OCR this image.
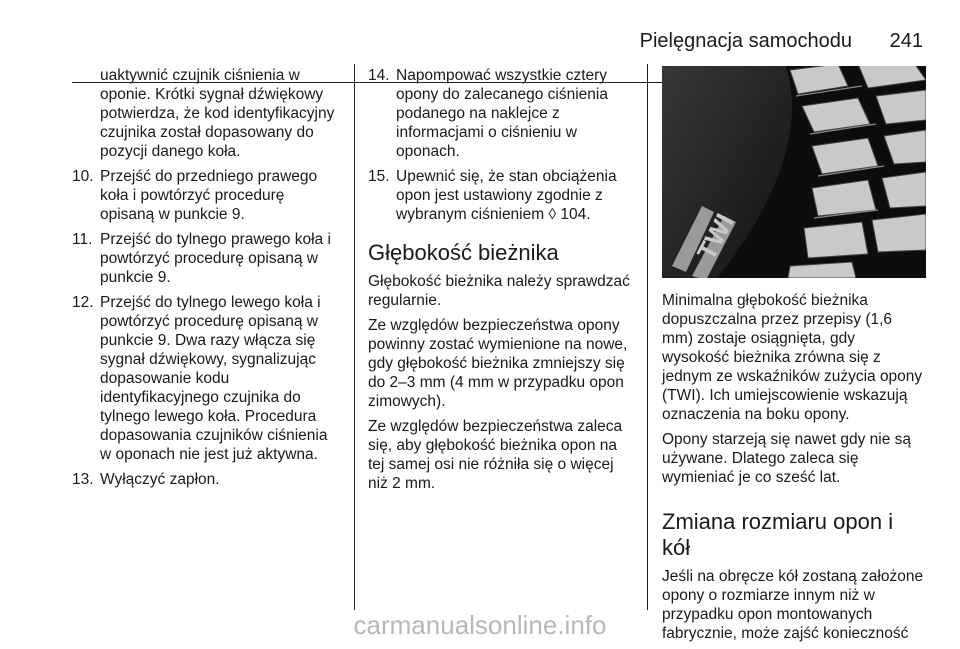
Pielęgnacja samochodu 241

uaktywnić czujnik ciśnienia w oponie. Krótki sygnał dźwiękowy potwierdza, że kod identyfikacyjny czujnika został dopasowany do pozycji danego koła.

10. Przejść do przedniego prawego koła i powtórzyć procedurę opisaną w punkcie 9.
11. Przejść do tylnego prawego koła i powtórzyć procedurę opisaną w punkcie 9.
12. Przejść do tylnego lewego koła i powtórzyć procedurę opisaną w punkcie 9. Dwa razy włącza się sygnał dźwiękowy, sygnalizując dopasowanie kodu identyfikacyjnego czujnika do tylnego lewego koła. Procedura dopasowania czujników ciśnienia w oponach nie jest już aktywna.
13. Wyłączyć zapłon.
14. Napompować wszystkie cztery opony do zalecanego ciśnienia podanego na naklejce z informacjami o ciśnieniu w oponach.
15. Upewnić się, że stan obciążenia opon jest ustawiony zgodnie z wybranym ciśnieniem ◊ 104.
Głębokość bieżnika

Głębokość bieżnika należy sprawdzać regularnie.

Ze względów bezpieczeństwa opony powinny zostać wymienione na nowe, gdy głębokość bieżnika zmniejszy się do 2–3 mm (4 mm w przypadku opon zimowych).

Ze względów bezpieczeństwa zaleca się, aby głębokość bieżnika opon na tej samej osi nie różniła się o więcej niż 2 mm.

TWI

Minimalna głębokość bieżnika dopuszczalna przez przepisy (1,6 mm) zostaje osiągnięta, gdy wysokość bieżnika zrówna się z jednym ze wskaźników zużycia opony (TWI). Ich umiejscowienie wskazują oznaczenia na boku opony.

Opony starzeją się nawet gdy nie są używane. Dlatego zaleca się wymieniać je co sześć lat.

Zmiana rozmiaru opon i kół

Jeśli na obręcze kół zostaną założone opony o rozmiarze innym niż w przypadku opon montowanych fabrycznie, może zajść konieczność

carmanualsonline.info
